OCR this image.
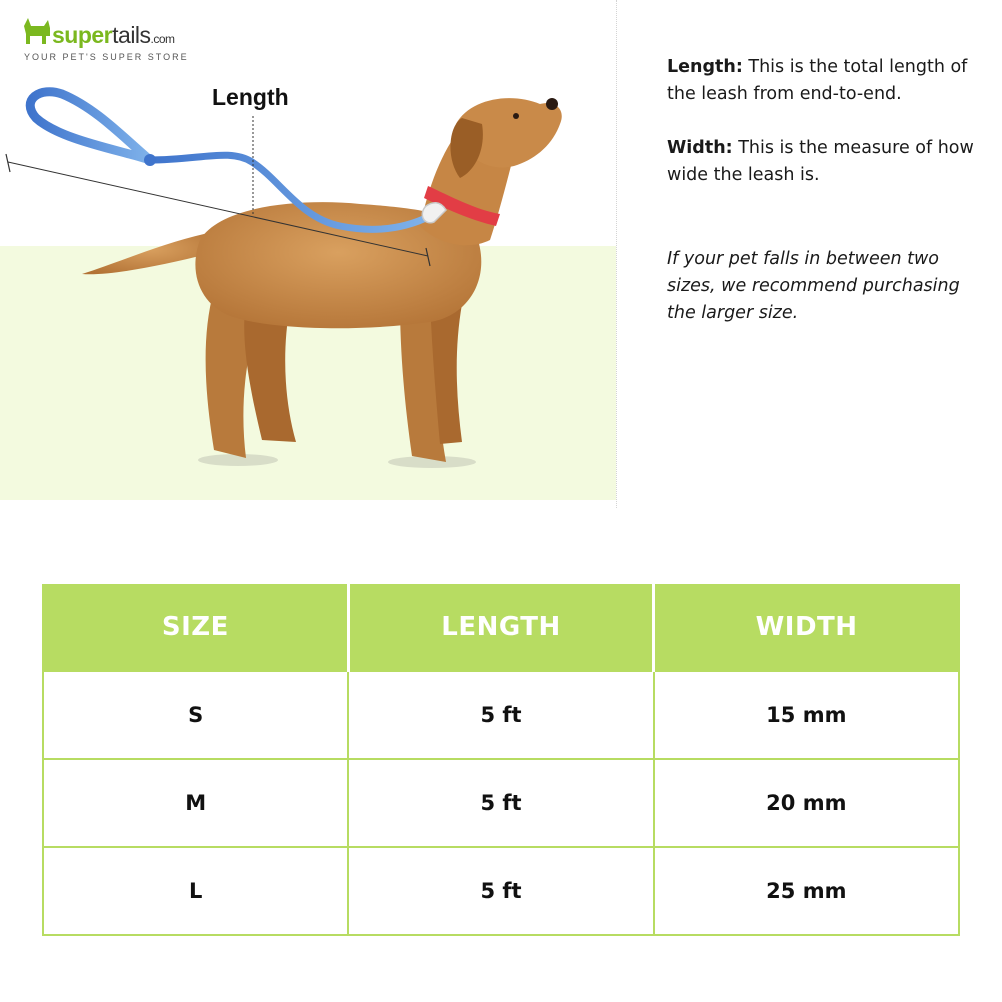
supertails.com
YOUR PET'S SUPER STORE
Length

Length: This is the total length of the leash from end-to-end.

Width: This is the measure of how wide the leash is.

If your pet falls in between two sizes, we recommend purchasing the larger size.

SIZE	LENGTH	WIDTH
S	5 ft	15 mm
M	5 ft	20 mm
L	5 ft	25 mm
